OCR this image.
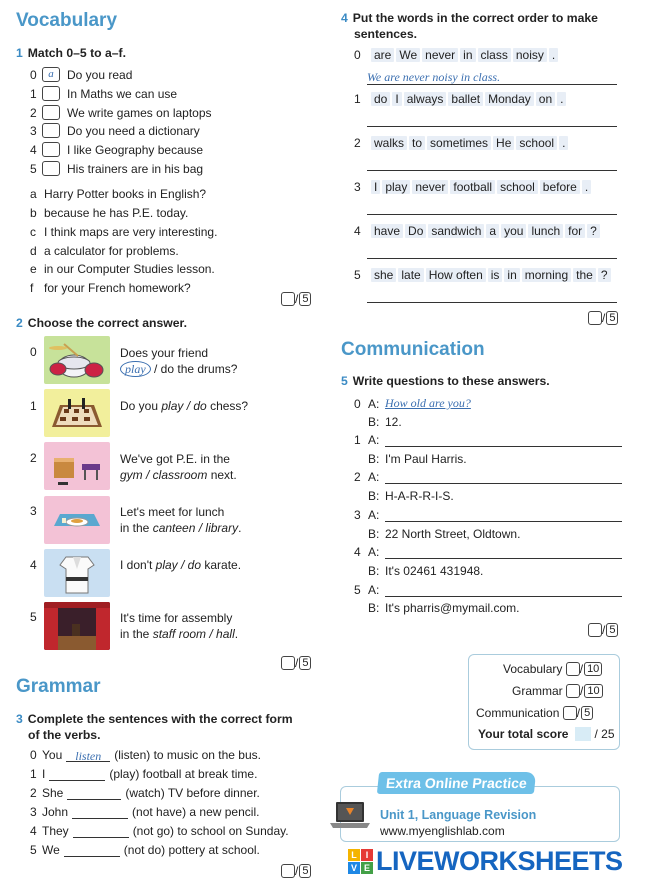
Vocabulary
1 Match 0–5 to a–f.
0	a	Do you read
1	In Maths we can use
2	We write games on laptops
3	Do you need a dictionary
4	I like Geography because
5	His trainers are in his bag
a Harry Potter books in English?
b because he has P.E. today.
c I think maps are very interesting.
d a calculator for problems.
e in our Computer Studies lesson.
f for your French homework?
/ 5
2 Choose the correct answer.
0	Does your friend
play / do the drums?
1	Do you play / do chess?
2	We've got P.E. in the
gym / classroom next.
3	Let's meet for lunch
in the canteen / library.
4	I don't play / do karate.
5	It's time for assembly
in the staff room / hall.
/ 5
Grammar
3 Complete the sentences with the correct form
of the verbs.
0 You	listen	(listen) to music on the bus.
1 I	(play) football at break time.
2 She	(watch) TV before dinner.
3 John	(not have) a new pencil.
4 They	(not go) to school on Sunday.
5 We	(not do) pottery at school.
/ 5
4 Put the words in the correct order to make
sentences.
0	are We never in class noisy .
We are never noisy in class.
1	do I always ballet Monday on .
2	walks to sometimes He school .
3	I play never football school before .
4	have Do sandwich a you lunch for ?
5	she late How often is in morning the ?
/ 5
Communication
5 Write questions to these answers.
0 A: How old are you?
B: 12.
1 A:
B: I'm Paul Harris.
2 A:
B: H-A-R-R-I-S.
3 A:
B: 22 North Street, Oldtown.
4 A:
B: It's 02461 431948.
5 A:
B: It's pharris@mymail.com.
/ 5
Vocabulary
/ 10
Grammar
/ 10
Communication
/ 5
Your total score

/ 25
Extra Online Practice
Unit 1, Language Revision
www.myenglishlab.com
L I
V E LIVEWORKSHEETS
